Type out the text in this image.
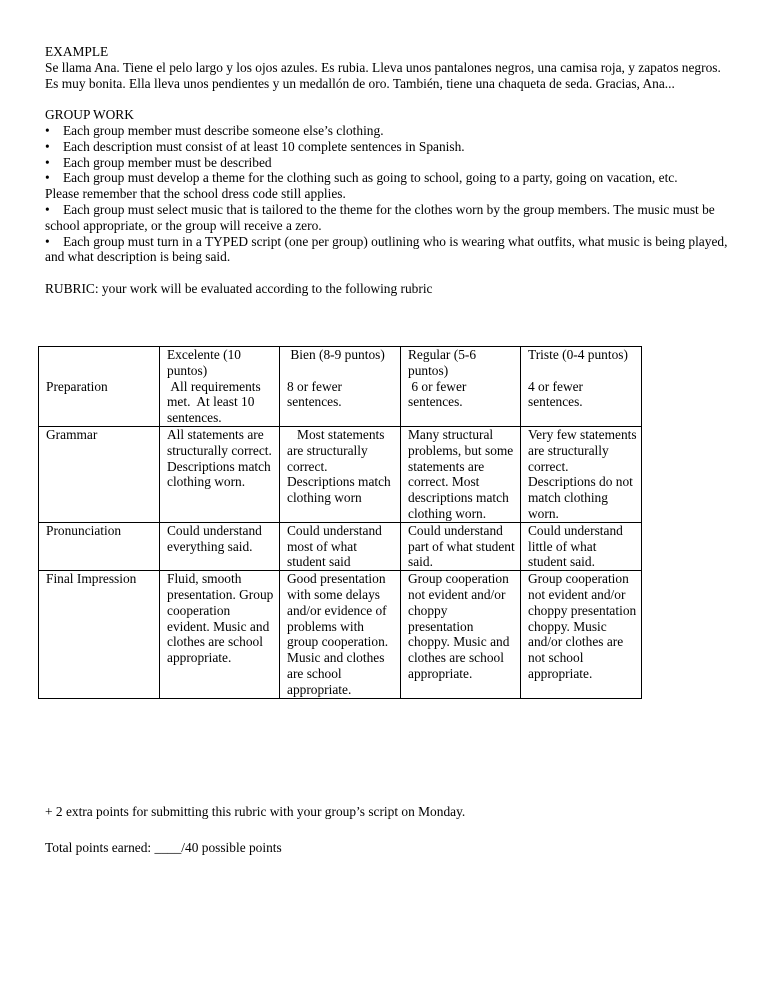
EXAMPLE

Se llama Ana. Tiene el pelo largo y los ojos azules. Es rubia. Lleva unos pantalones negros, una camisa roja, y zapatos negros. Es muy bonita. Ella lleva unos pendientes y un medallón de oro. También, tiene una chaqueta de seda. Gracias, Ana...

GROUP WORK

• Each group member must describe someone else’s clothing.
• Each description must consist of at least 10 complete sentences in Spanish.
• Each group member must be described
• Each group must develop a theme for the clothing such as going to school, going to a party, going on vacation, etc.

Please remember that the school dress code still applies.

• Each group must select music that is tailored to the theme for the clothes worn by the group members. The music must be school appropriate, or the group will receive a zero.

• Each group must turn in a TYPED script (one per group) outlining who is wearing what outfits, what music is being played, and what description is being said.

RUBRIC: your work will be evaluated according to the following rubric

	Excelente (10 puntos)	Bien (8-9 puntos)	Regular (5-6 puntos)	Triste (0-4 puntos)
Preparation	All requirements met.  At least 10 sentences.	8 or fewer sentences.	6 or fewer sentences.	4 or fewer sentences.
Grammar	All statements are structurally correct. Descriptions match clothing worn.	Most statements are structurally correct. Descriptions match clothing worn	Many structural problems, but some statements are correct. Most descriptions match clothing worn.	Very few statements are structurally correct. Descriptions do not match clothing worn.
Pronunciation	Could understand everything said.	Could understand most of what student said	Could understand part of what student said.	Could understand little of what student said.
Final Impression	Fluid, smooth presentation. Group cooperation evident. Music and clothes are school appropriate.	Good presentation with some delays and/or evidence of problems with group cooperation. Music and clothes are school appropriate.	Group cooperation not evident and/or choppy presentation choppy. Music and clothes are school appropriate.	Group cooperation not evident and/or choppy presentation choppy. Music and/or clothes are not school appropriate.

+ 2 extra points for submitting this rubric with your group’s script on Monday.

Total points earned: ____/40 possible points
